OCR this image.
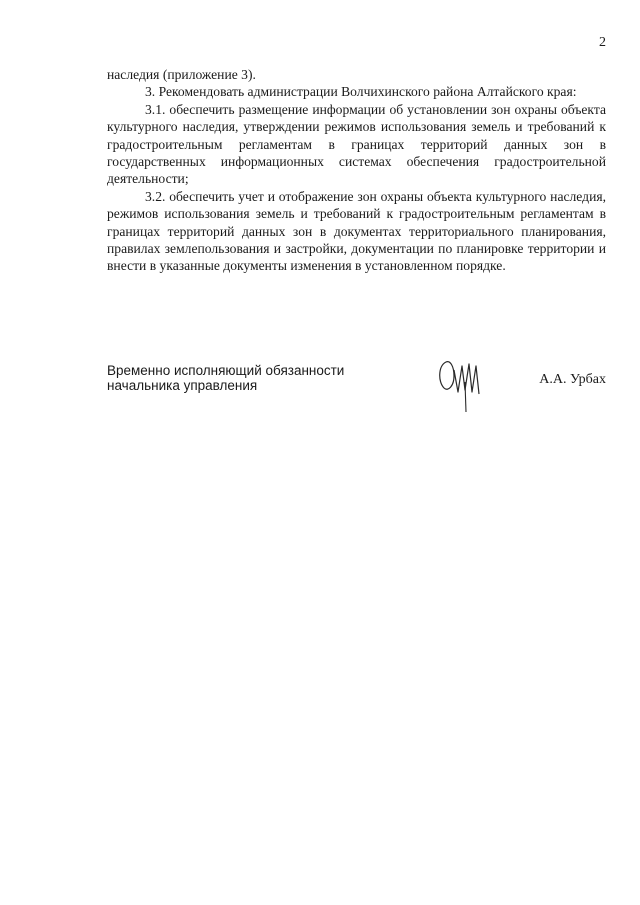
2

наследия (приложение 3).

3. Рекомендовать администрации Волчихинского района Алтайского края:

3.1. обеспечить размещение информации об установлении зон охраны объекта культурного наследия, утверждении режимов использования земель и требований к градостроительным регламентам в границах территорий данных зон в государственных информационных системах обеспечения градостроительной деятельности;

3.2. обеспечить учет и отображение зон охраны объекта культурного наследия, режимов использования земель и требований к градостроительным регламентам в границах территорий данных зон в документах территориального планирования, правилах землепользования и застройки, документации по планировке территории и внести в указанные документы изменения в установленном порядке.

Временно исполняющий обязанности
начальника управления	А.А. Урбах
